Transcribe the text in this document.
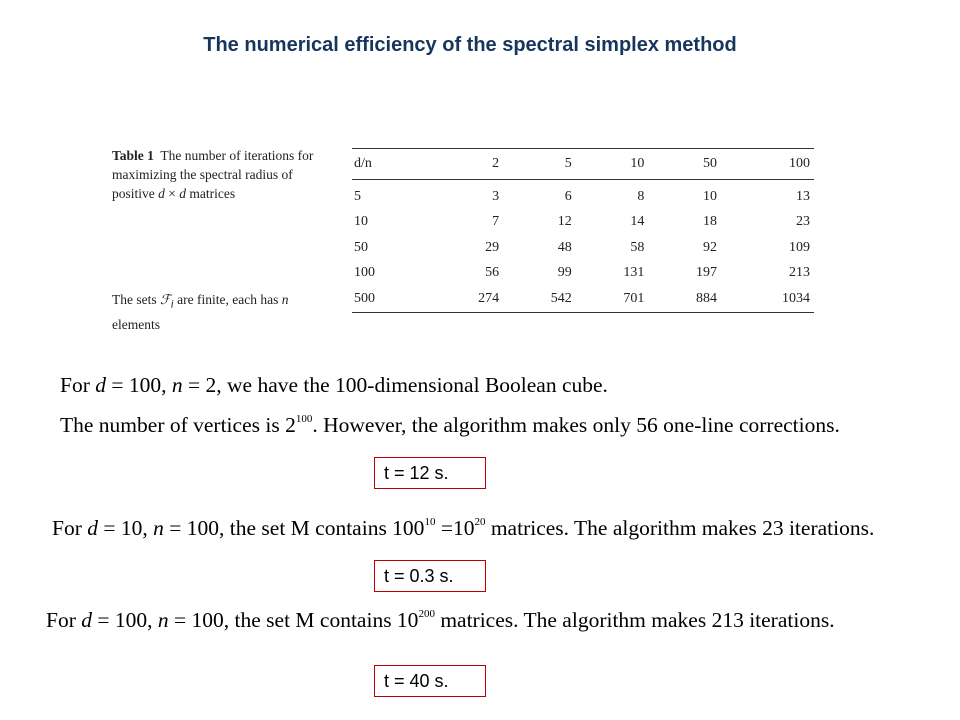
The numerical efficiency of the spectral simplex method
Table 1 The number of iterations for maximizing the spectral radius of positive d × d matrices
The sets ℱ$_i$ are finite, each has n
elements
d/n	2	5	10	50	100
5	3	6	8	10	13
10	7	12	14	18	23
50	29	48	58	92	109
100	56	99	131	197	213
500	274	542	701	884	1034
For d = 100, n = 2, we have the 100-dimensional Boolean cube.
The number of vertices is $2^{100}$. However, the algorithm makes only 56 one-line corrections.
t = 12 s.
For d = 10, n = 100, the set M contains $100^{10} =10^{20}$ matrices. The algorithm makes 23 iterations.
t = 0.3 s.
For d = 100, n = 100, the set M contains $10^{200}$ matrices. The algorithm makes 213 iterations.
t = 40 s.
